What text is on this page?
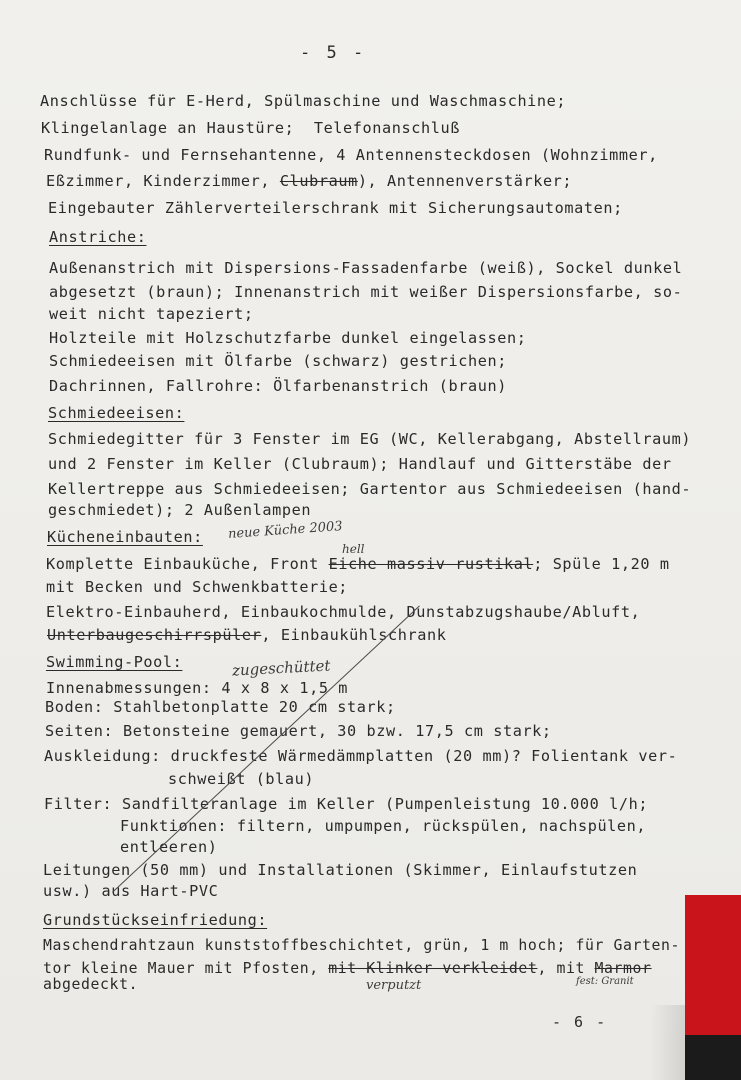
- 5 -
Anschlüsse für E-Herd, Spülmaschine und Waschmaschine;
Klingelanlage an Haustüre;  Telefonanschluß
Rundfunk- und Fernsehantenne, 4 Antennensteckdosen (Wohnzimmer,
Eßzimmer, Kinderzimmer, Clubraum), Antennenverstärker;
Eingebauter Zählerverteilerschrank mit Sicherungsautomaten;
Anstriche:
Außenanstrich mit Dispersions-Fassadenfarbe (weiß), Sockel dunkel
abgesetzt (braun); Innenanstrich mit weißer Dispersionsfarbe, so-
weit nicht tapeziert;
Holzteile mit Holzschutzfarbe dunkel eingelassen;
Schmiedeeisen mit Ölfarbe (schwarz) gestrichen;
Dachrinnen, Fallrohre: Ölfarbenanstrich (braun)
Schmiedeeisen:
Schmiedegitter für 3 Fenster im EG (WC, Kellerabgang, Abstellraum)
und 2 Fenster im Keller (Clubraum); Handlauf und Gitterstäbe der
Kellertreppe aus Schmiedeeisen; Gartentor aus Schmiedeeisen (hand-
geschmiedet); 2 Außenlampen
Kücheneinbauten: neue Küche 2003
hell
Komplette Einbauküche, Front Eiche massiv rustikal; Spüle 1,20 m
mit Becken und Schwenkbatterie;
Elektro-Einbauherd, Einbaukochmulde, Dunstabzugshaube/Abluft,
Unterbaugeschirrspüler, Einbaukühlschrank
Swimming-Pool:	zugeschüttet
Innenabmessungen: 4 x 8 x 1,5 m
Boden: Stahlbetonplatte 20 cm stark;
Seiten: Betonsteine gemauert, 30 bzw. 17,5 cm stark;
Auskleidung: druckfeste Wärmedämmplatten (20 mm)? Folientank ver-
schweißt (blau)
Filter: Sandfilteranlage im Keller (Pumpenleistung 10.000 l/h;
Funktionen: filtern, umpumpen, rückspülen, nachspülen,
entleeren)
Leitungen (50 mm) und Installationen (Skimmer, Einlaufstutzen
usw.) aus Hart-PVC
Grundstückseinfriedung:
Maschendrahtzaun kunststoffbeschichtet, grün, 1 m hoch; für Garten-
tor kleine Mauer mit Pfosten, mit Klinker verkleidet, mit Marmor
verputzt	fest: Granit
abgedeckt.
- 6 -
